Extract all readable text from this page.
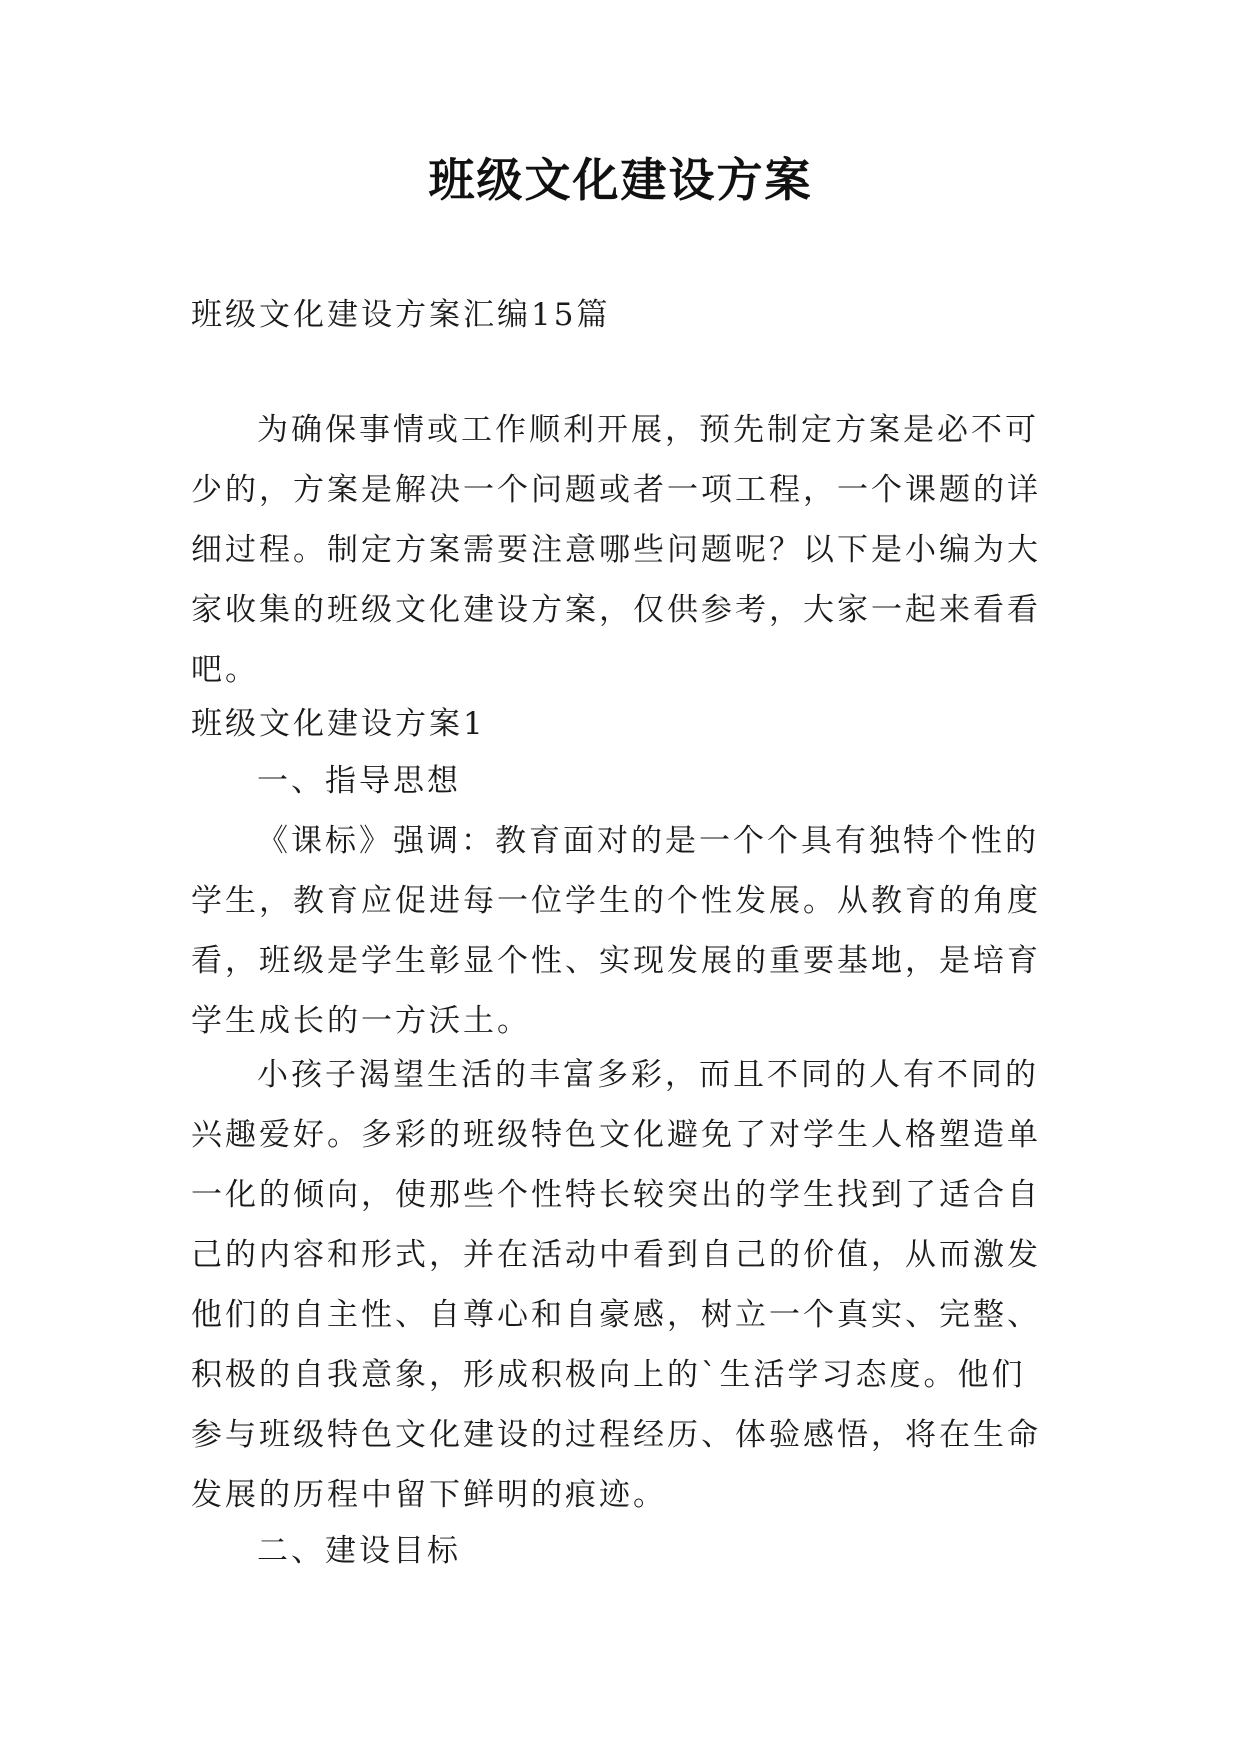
班级文化建设方案

班级文化建设方案汇编15篇

为确保事情或工作顺利开展，预先制定方案是必不可少的，方案是解决一个问题或者一项工程，一个课题的详细过程。制定方案需要注意哪些问题呢？以下是小编为大家收集的班级文化建设方案，仅供参考，大家一起来看看吧。

班级文化建设方案1

一、指导思想

《课标》强调：教育面对的是一个个具有独特个性的学生，教育应促进每一位学生的个性发展。从教育的角度看，班级是学生彰显个性、实现发展的重要基地，是培育学生成长的一方沃土。

小孩子渴望生活的丰富多彩，而且不同的人有不同的兴趣爱好。多彩的班级特色文化避免了对学生人格塑造单一化的倾向，使那些个性特长较突出的学生找到了适合自己的内容和形式，并在活动中看到自己的价值，从而激发他们的自主性、自尊心和自豪感，树立一个真实、完整、积极的自我意象，形成积极向上的`生活学习态度。他们参与班级特色文化建设的过程经历、体验感悟，将在生命发展的历程中留下鲜明的痕迹。

二、建设目标
